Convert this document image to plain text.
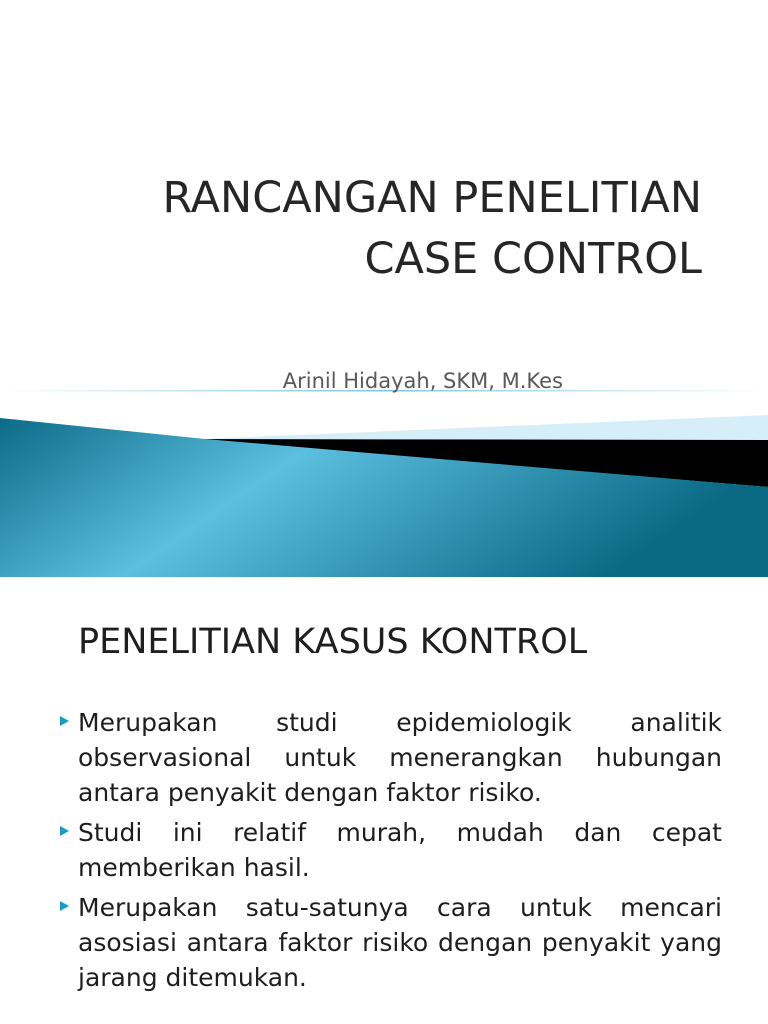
RANCANGAN PENELITIAN
CASE CONTROL

Arinil Hidayah, SKM, M.Kes

PENELITIAN KASUS KONTROL
Merupakan studi epidemiologik analitik observasional untuk menerangkan hubungan antara penyakit dengan faktor risiko.
Studi ini relatif murah, mudah dan cepat memberikan hasil.
Merupakan satu-satunya cara untuk mencari asosiasi antara faktor risiko dengan penyakit yang jarang ditemukan.
